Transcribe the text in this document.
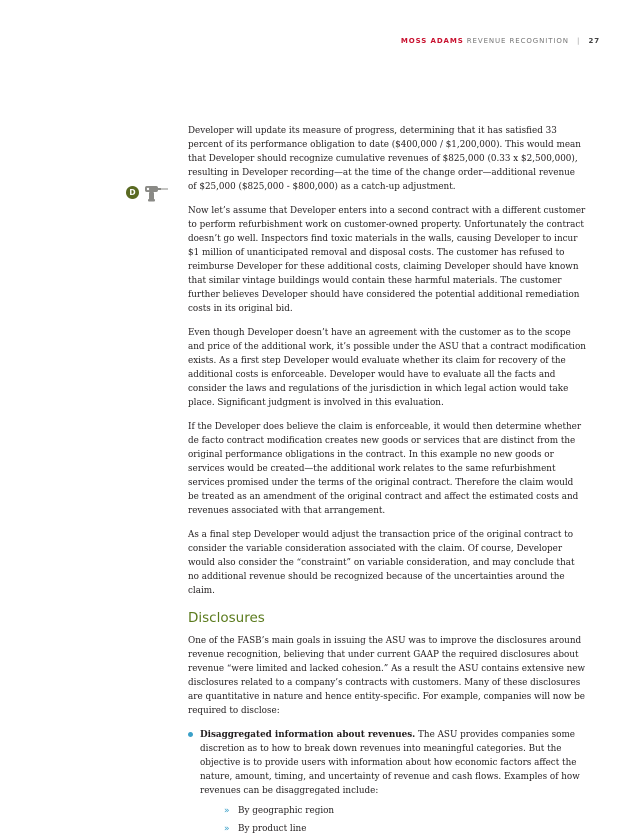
MOSS ADAMS REVENUE RECOGNITION | 27
D

Developer will update its measure of progress, determining that it has satisfied 33 percent of its performance obligation to date ($400,000 / $1,200,000). This would mean that Developer should recognize cumulative revenues of $825,000 (0.33 x $2,500,000), resulting in Developer recording—at the time of the change order—additional revenue of $25,000 ($825,000 - $800,000) as a catch-up adjustment.

Now let’s assume that Developer enters into a second contract with a different customer to perform refurbishment work on customer-owned property. Unfortunately the contract doesn’t go well. Inspectors find toxic materials in the walls, causing Developer to incur $1 million of unanticipated removal and disposal costs. The customer has refused to reimburse Developer for these additional costs, claiming Developer should have known that similar vintage buildings would contain these harmful materials. The customer further believes Developer should have considered the potential additional remediation costs in its original bid.

Even though Developer doesn’t have an agreement with the customer as to the scope and price of the additional work, it’s possible under the ASU that a contract modification exists. As a first step Developer would evaluate whether its claim for recovery of the additional costs is enforceable. Developer would have to evaluate all the facts and consider the laws and regulations of the jurisdiction in which legal action would take place. Significant judgment is involved in this evaluation.

If the Developer does believe the claim is enforceable, it would then determine whether de facto contract modification creates new goods or services that are distinct from the original performance obligations in the contract. In this example no new goods or services would be created—the additional work relates to the same refurbishment services promised under the terms of the original contract. Therefore the claim would be treated as an amendment of the original contract and affect the estimated costs and revenues associated with that arrangement.

As a final step Developer would adjust the transaction price of the original contract to consider the variable consideration associated with the claim. Of course, Developer would also consider the “constraint” on variable consideration, and may conclude that no additional revenue should be recognized because of the uncertainties around the claim.

Disclosures

One of the FASB’s main goals in issuing the ASU was to improve the disclosures around revenue recognition, believing that under current GAAP the required disclosures about revenue “were limited and lacked cohesion.” As a result the ASU contains extensive new disclosures related to a company’s contracts with customers. Many of these disclosures are quantitative in nature and hence entity-specific. For example, companies will now be required to disclose:

Disaggregated information about revenues. The ASU provides companies some discretion as to how to break down revenues into meaningful categories. But the objective is to provide users with information about how economic factors affect the nature, amount, timing, and uncertainty of revenue and cash flows. Examples of how revenues can be disaggregated include:
» By geographic region
» By product line
